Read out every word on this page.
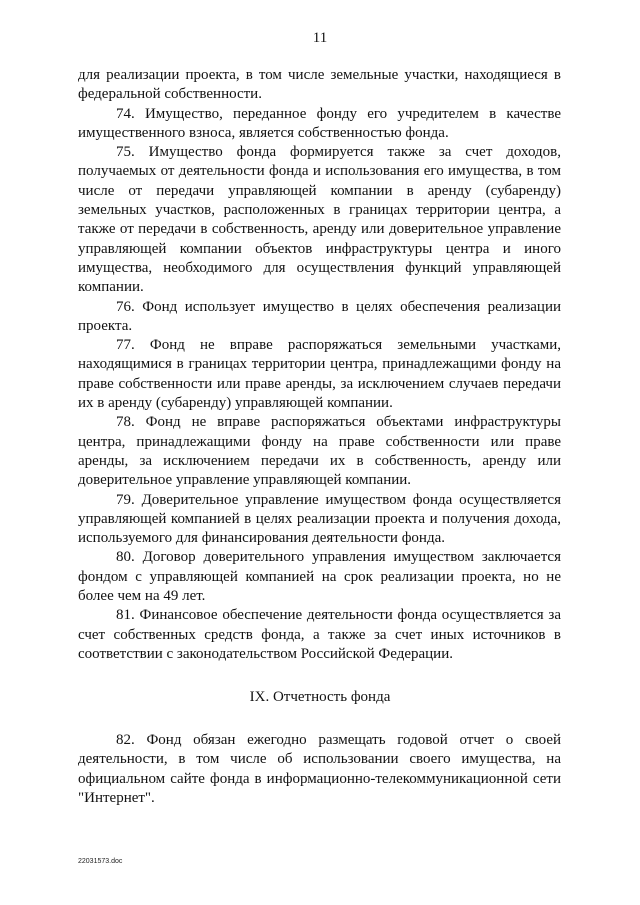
11

для реализации проекта, в том числе земельные участки, находящиеся в федеральной собственности.

74. Имущество, переданное фонду его учредителем в качестве имущественного взноса, является собственностью фонда.

75. Имущество фонда формируется также за счет доходов, получаемых от деятельности фонда и использования его имущества, в том числе от передачи управляющей компании в аренду (субаренду) земельных участков, расположенных в границах территории центра, а также от передачи в собственность, аренду или доверительное управление управляющей компании объектов инфраструктуры центра и иного имущества, необходимого для осуществления функций управляющей компании.

76. Фонд использует имущество в целях обеспечения реализации проекта.

77. Фонд не вправе распоряжаться земельными участками, находящимися в границах территории центра, принадлежащими фонду на праве собственности или праве аренды, за исключением случаев передачи их в аренду (субаренду) управляющей компании.

78. Фонд не вправе распоряжаться объектами инфраструктуры центра, принадлежащими фонду на праве собственности или праве аренды, за исключением передачи их в собственность, аренду или доверительное управление управляющей компании.

79. Доверительное управление имуществом фонда осуществляется управляющей компанией в целях реализации проекта и получения дохода, используемого для финансирования деятельности фонда.

80. Договор доверительного управления имуществом заключается фондом с управляющей компанией на срок реализации проекта, но не более чем на 49 лет.

81. Финансовое обеспечение деятельности фонда осуществляется за счет собственных средств фонда, а также за счет иных источников в соответствии с законодательством Российской Федерации.

IX. Отчетность фонда

82. Фонд обязан ежегодно размещать годовой отчет о своей деятельности, в том числе об использовании своего имущества, на официальном сайте фонда в информационно-телекоммуникационной сети "Интернет".

22031573.doc
